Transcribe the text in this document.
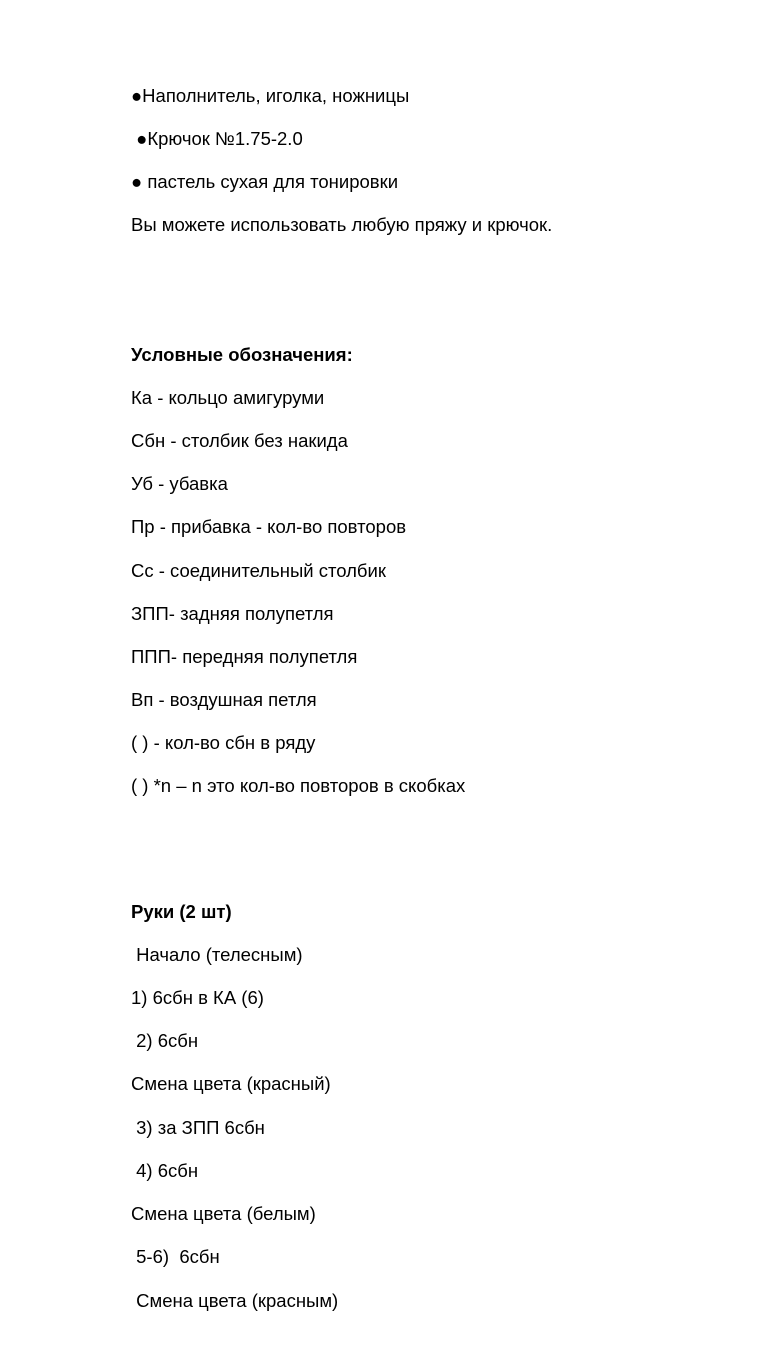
●Наполнитель, иголка, ножницы
●Крючок №1.75-2.0
● пастель сухая для тонировки
Вы можете использовать любую пряжу и крючок.
Условные обозначения:
Ка - кольцо амигуруми
Сбн - столбик без накида
Уб - убавка
Пр - прибавка - кол-во повторов
Сс - соединительный столбик
ЗПП- задняя полупетля
ППП- передняя полупетля
Вп - воздушная петля
( ) - кол-во сбн в ряду
( ) *n – n это кол-во повторов в скобках
Руки (2 шт)
Начало (телесным)
1) 6сбн в КА (6)
2) 6сбн
Смена цвета (красный)
3) за ЗПП 6сбн
4) 6сбн
Смена цвета (белым)
5-6)  6сбн
Смена цвета (красным)
